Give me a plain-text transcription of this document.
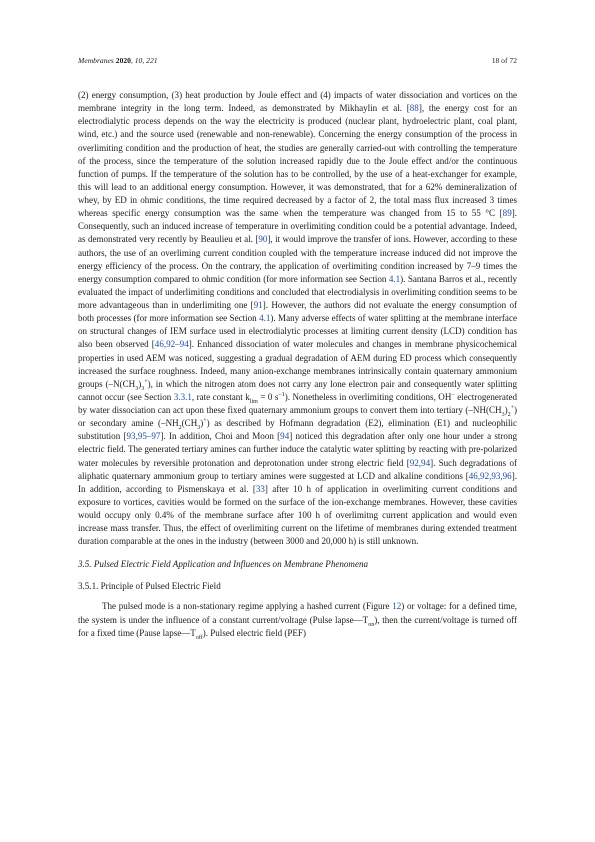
Membranes 2020, 10, 221	18 of 72

(2) energy consumption, (3) heat production by Joule effect and (4) impacts of water dissociation and vortices on the membrane integrity in the long term. Indeed, as demonstrated by Mikhaylin et al. [88], the energy cost for an electrodialytic process depends on the way the electricity is produced (nuclear plant, hydroelectric plant, coal plant, wind, etc.) and the source used (renewable and non-renewable). Concerning the energy consumption of the process in overlimiting condition and the production of heat, the studies are generally carried-out with controlling the temperature of the process, since the temperature of the solution increased rapidly due to the Joule effect and/or the continuous function of pumps. If the temperature of the solution has to be controlled, by the use of a heat-exchanger for example, this will lead to an additional energy consumption. However, it was demonstrated, that for a 62% demineralization of whey, by ED in ohmic conditions, the time required decreased by a factor of 2, the total mass flux increased 3 times whereas specific energy consumption was the same when the temperature was changed from 15 to 55 °C [89]. Consequently, such an induced increase of temperature in overlimiting condition could be a potential advantage. Indeed, as demonstrated very recently by Beaulieu et al. [90], it would improve the transfer of ions. However, according to these authors, the use of an overliming current condition coupled with the temperature increase induced did not improve the energy efficiency of the process. On the contrary, the application of overlimiting condition increased by 7–9 times the energy consumption compared to ohmic condition (for more information see Section 4.1). Santana Barros et al., recently evaluated the impact of underlimiting conditions and concluded that electrodialysis in overlimiting condition seems to be more advantageous than in underlimiting one [91]. However, the authors did not evaluate the energy consumption of both processes (for more information see Section 4.1). Many adverse effects of water splitting at the membrane interface on structural changes of IEM surface used in electrodialytic processes at limiting current density (LCD) condition has also been observed [46,92–94]. Enhanced dissociation of water molecules and changes in membrane physicochemical properties in used AEM was noticed, suggesting a gradual degradation of AEM during ED process which consequently increased the surface roughness. Indeed, many anion-exchange membranes intrinsically contain quaternary ammonium groups $(-N(CH_3)_3^+)$, in which the nitrogen atom does not carry any lone electron pair and consequently water splitting cannot occur (see Section 3.3.1, rate constant $k_{lim} = 0$ $s^{-1}$). Nonetheless in overlimiting conditions, OH− electrogenerated by water dissociation can act upon these fixed quaternary ammonium groups to convert them into tertiary $(-NH(CH_3)_2^+)$ or secondary amine $(-NH_2(CH_3)^+)$ as described by Hofmann degradation (E2), elimination (E1) and nucleophilic substitution [93,95–97]. In addition, Choi and Moon [94] noticed this degradation after only one hour under a strong electric field. The generated tertiary amines can further induce the catalytic water splitting by reacting with pre-polarized water molecules by reversible protonation and deprotonation under strong electric field [92,94]. Such degradations of aliphatic quaternary ammonium group to tertiary amines were suggested at LCD and alkaline conditions [46,92,93,96]. In addition, according to Pismenskaya et al. [33] after 10 h of application in overlimiting current conditions and exposure to vortices, cavities would be formed on the surface of the ion-exchange membranes. However, these cavities would occupy only 0.4% of the membrane surface after 100 h of overlimitng current application and would even increase mass transfer. Thus, the effect of overlimiting current on the lifetime of membranes during extended treatment duration comparable at the ones in the industry (between 3000 and 20,000 h) is still unknown.

3.5. Pulsed Electric Field Application and Influences on Membrane Phenomena
3.5.1. Principle of Pulsed Electric Field

The pulsed mode is a non-stationary regime applying a hashed current (Figure 12) or voltage: for a defined time, the system is under the influence of a constant current/voltage (Pulse $lapse—T_{on}$), then the current/voltage is turned off for a fixed time (Pause $lapse—T_{off}$). Pulsed electric field (PEF)
